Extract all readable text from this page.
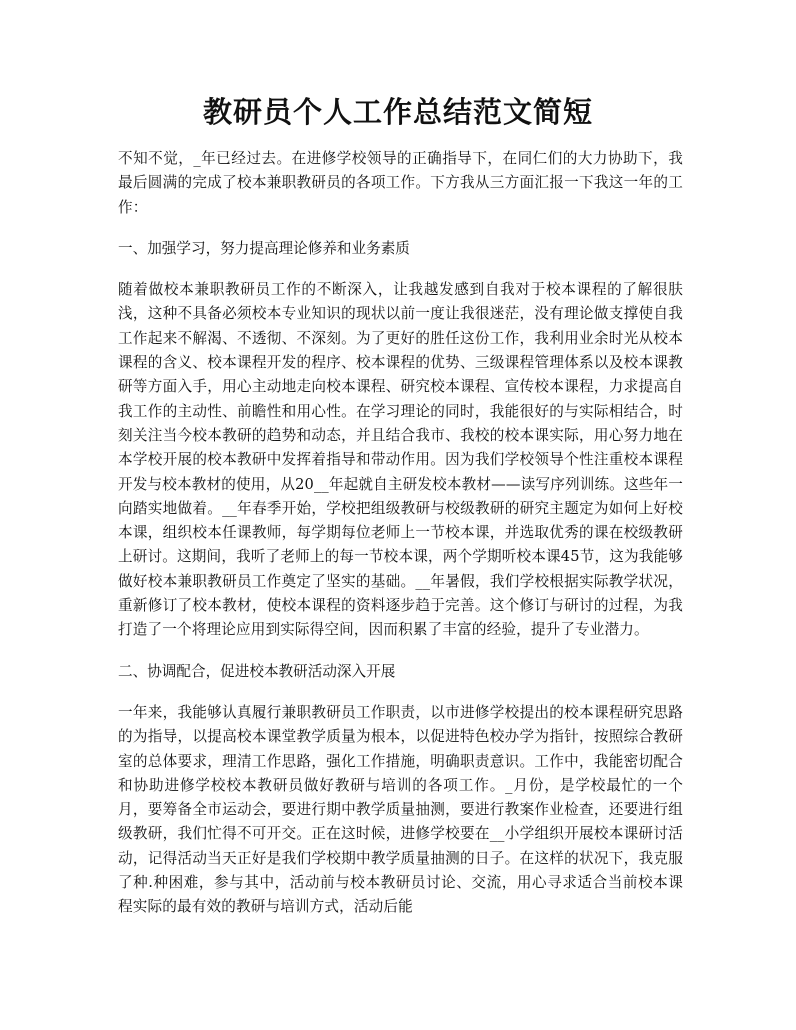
教研员个人工作总结范文简短

不知不觉，_年已经过去。在进修学校领导的正确指导下，在同仁们的大力协助下，我最后圆满的完成了校本兼职教研员的各项工作。下方我从三方面汇报一下我这一年的工作：

一、加强学习，努力提高理论修养和业务素质

随着做校本兼职教研员工作的不断深入，让我越发感到自我对于校本课程的了解很肤浅，这种不具备必须校本专业知识的现状以前一度让我很迷茫，没有理论做支撑使自我工作起来不解渴、不透彻、不深刻。为了更好的胜任这份工作，我利用业余时光从校本课程的含义、校本课程开发的程序、校本课程的优势、三级课程管理体系以及校本课教研等方面入手，用心主动地走向校本课程、研究校本课程、宣传校本课程，力求提高自我工作的主动性、前瞻性和用心性。在学习理论的同时，我能很好的与实际相结合，时刻关注当今校本教研的趋势和动态，并且结合我市、我校的校本课实际，用心努力地在本学校开展的校本教研中发挥着指导和带动作用。因为我们学校领导个性注重校本课程开发与校本教材的使用，从20__年起就自主研发校本教材——读写序列训练。这些年一向踏实地做着。__年春季开始，学校把组级教研与校级教研的研究主题定为如何上好校本课，组织校本任课教师，每学期每位老师上一节校本课，并选取优秀的课在校级教研上研讨。这期间，我听了老师上的每一节校本课，两个学期听校本课45节，这为我能够做好校本兼职教研员工作奠定了坚实的基础。__年暑假，我们学校根据实际教学状况，重新修订了校本教材，使校本课程的资料逐步趋于完善。这个修订与研讨的过程，为我打造了一个将理论应用到实际得空间，因而积累了丰富的经验，提升了专业潜力。

二、协调配合，促进校本教研活动深入开展

一年来，我能够认真履行兼职教研员工作职责，以市进修学校提出的校本课程研究思路的为指导，以提高校本课堂教学质量为根本，以促进特色校办学为指针，按照综合教研室的总体要求，理清工作思路，强化工作措施，明确职责意识。工作中，我能密切配合和协助进修学校校本教研员做好教研与培训的各项工作。_月份，是学校最忙的一个月，要筹备全市运动会，要进行期中教学质量抽测，要进行教案作业检查，还要进行组级教研，我们忙得不可开交。正在这时候，进修学校要在__小学组织开展校本课研讨活动，记得活动当天正好是我们学校期中教学质量抽测的日子。在这样的状况下，我克服了种.种困难，参与其中，活动前与校本教研员讨论、交流，用心寻求适合当前校本课程实际的最有效的教研与培训方式，活动后能
